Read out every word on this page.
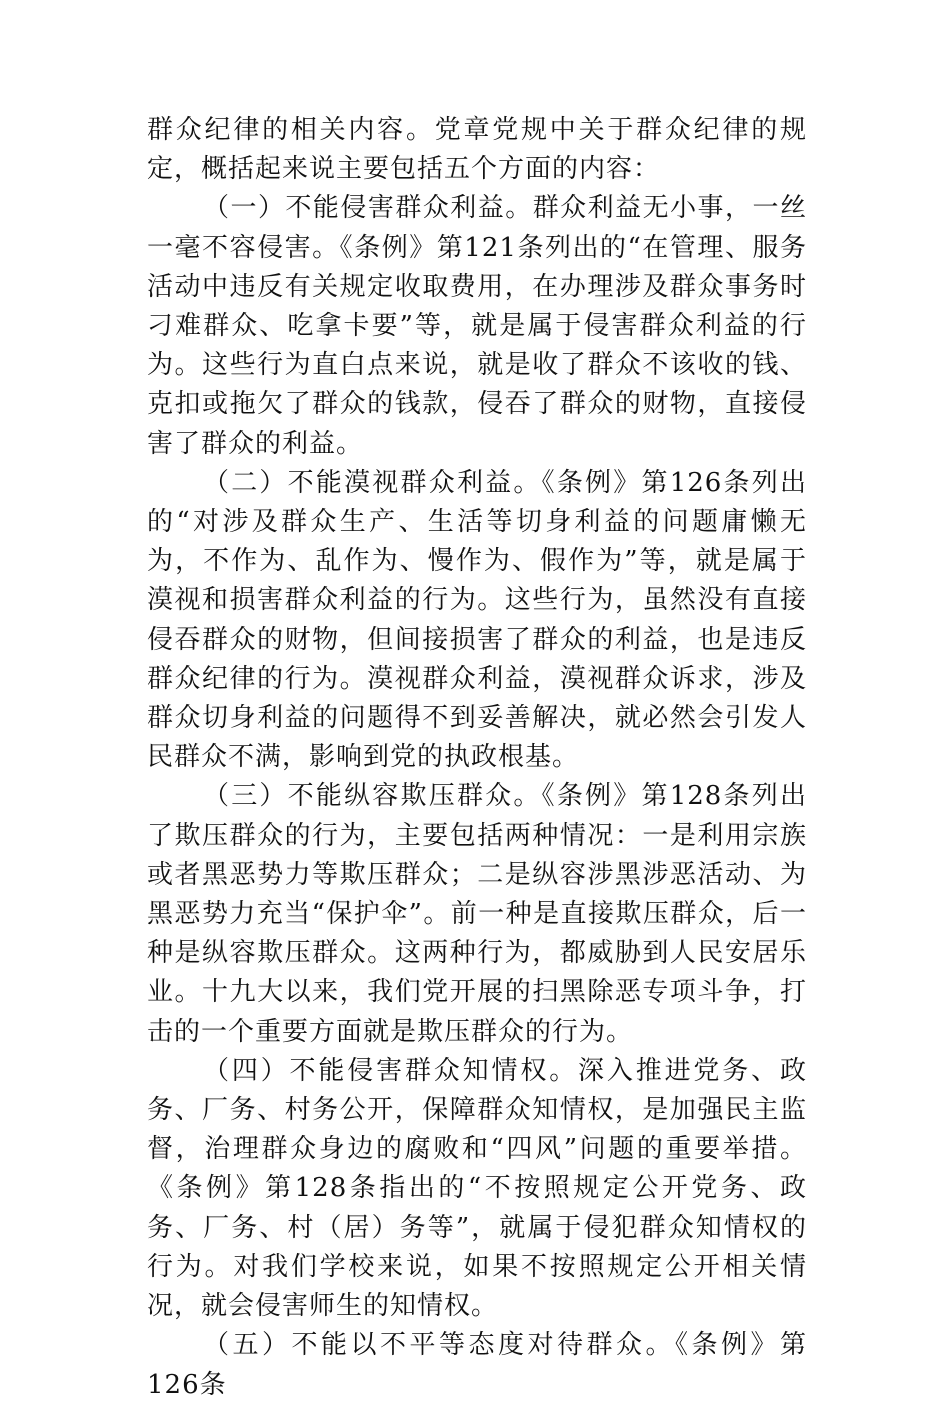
群众纪律的相关内容。党章党规中关于群众纪律的规定，概括起来说主要包括五个方面的内容：

（一）不能侵害群众利益。群众利益无小事，一丝一毫不容侵害。《条例》第121条列出的“在管理、服务活动中违反有关规定收取费用，在办理涉及群众事务时刁难群众、吃拿卡要”等，就是属于侵害群众利益的行为。这些行为直白点来说，就是收了群众不该收的钱、克扣或拖欠了群众的钱款，侵吞了群众的财物，直接侵害了群众的利益。

（二）不能漠视群众利益。《条例》第126条列出的“对涉及群众生产、生活等切身利益的问题庸懒无为，不作为、乱作为、慢作为、假作为”等，就是属于漠视和损害群众利益的行为。这些行为，虽然没有直接侵吞群众的财物，但间接损害了群众的利益，也是违反群众纪律的行为。漠视群众利益，漠视群众诉求，涉及群众切身利益的问题得不到妥善解决，就必然会引发人民群众不满，影响到党的执政根基。

（三）不能纵容欺压群众。《条例》第128条列出了欺压群众的行为，主要包括两种情况：一是利用宗族或者黑恶势力等欺压群众；二是纵容涉黑涉恶活动、为黑恶势力充当“保护伞”。前一种是直接欺压群众，后一种是纵容欺压群众。这两种行为，都威胁到人民安居乐业。十九大以来，我们党开展的扫黑除恶专项斗争，打击的一个重要方面就是欺压群众的行为。

（四）不能侵害群众知情权。深入推进党务、政务、厂务、村务公开，保障群众知情权，是加强民主监督，治理群众身边的腐败和“四风”问题的重要举措。《条例》第128条指出的“不按照规定公开党务、政务、厂务、村（居）务等”，就属于侵犯群众知情权的行为。对我们学校来说，如果不按照规定公开相关情况，就会侵害师生的知情权。

（五）不能以不平等态度对待群众。《条例》第126条
